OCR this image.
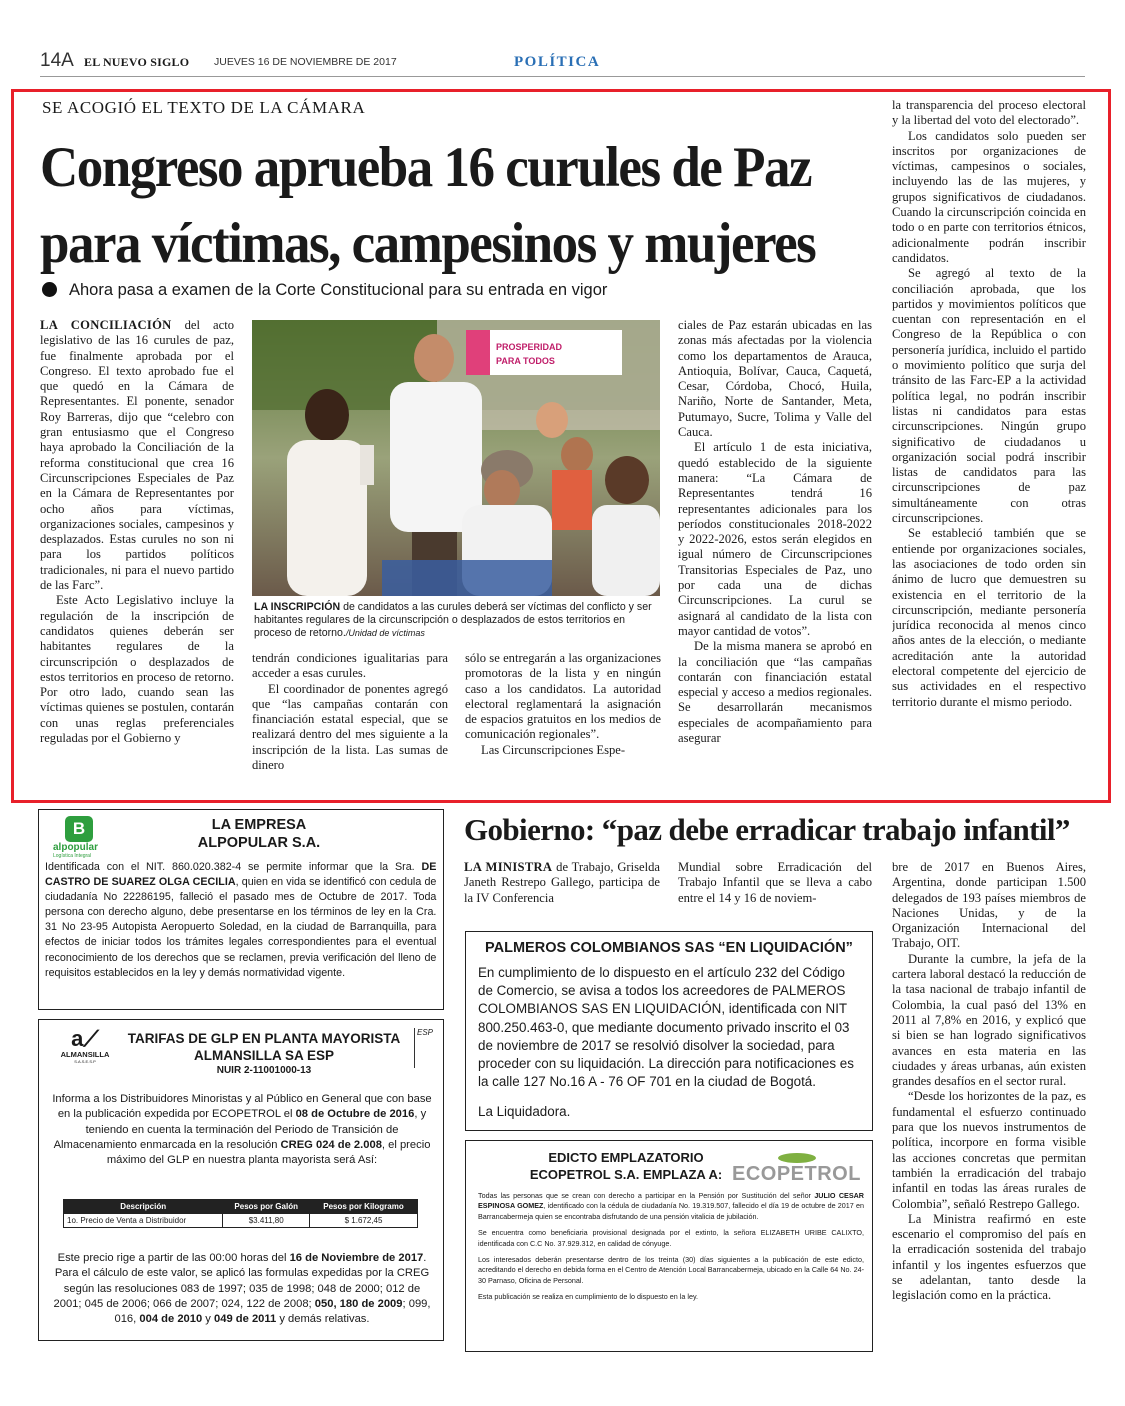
14A EL NUEVO SIGLO JUEVES 16 DE NOVIEMBRE DE 2017	POLÍTICA
SE ACOGIÓ EL TEXTO DE LA CÁMARA
Congreso aprueba 16 curules de Paz
para víctimas, campesinos y mujeres
Ahora pasa a examen de la Corte Constitucional para su entrada en vigor

LA CONCILIACIÓN del acto legislativo de las 16 curules de paz, fue finalmente aprobada por el Congreso. El texto aprobado fue el que quedó en la Cámara de Representantes. El ponente, senador Roy Barreras, dijo que “celebro con gran entusiasmo que el Congreso haya aprobado la Conciliación de la reforma constitucional que crea 16 Circunscripciones Especiales de Paz en la Cámara de Representantes por ocho años para víctimas, organizaciones sociales, campesinos y desplazados. Estas curules no son ni para los partidos políticos tradicionales, ni para el nuevo partido de las Farc”.

Este Acto Legislativo incluye la regulación de la inscripción de candidatos quienes deberán ser habitantes regulares de la circunscripción o desplazados de estos territorios en proceso de retorno. Por otro lado, cuando sean las víctimas quienes se postulen, contarán con unas reglas preferenciales reguladas por el Gobierno y

PROSPERIDAD
PARA TODOS
LA INSCRIPCIÓN de candidatos a las curules deberá ser víctimas del conflicto y ser habitantes regulares de la circunscripción o desplazados de estos territorios en proceso de retorno./Unidad de víctimas

tendrán condiciones igualitarias para acceder a esas curules.

El coordinador de ponentes agregó que “las campañas contarán con financiación estatal especial, que se realizará dentro del mes siguiente a la inscripción de la lista. Las sumas de dinero

sólo se entregarán a las organizaciones promotoras de la lista y en ningún caso a los candidatos. La autoridad electoral reglamentará la asignación de espacios gratuitos en los medios de comunicación regionales”.

Las Circunscripciones Espe-

ciales de Paz estarán ubicadas en las zonas más afectadas por la violencia como los departamentos de Arauca, Antioquia, Bolívar, Cauca, Caquetá, Cesar, Córdoba, Chocó, Huila, Nariño, Norte de Santander, Meta, Putumayo, Sucre, Tolima y Valle del Cauca.

El artículo 1 de esta iniciativa, quedó establecido de la siguiente manera: “La Cámara de Representantes tendrá 16 representantes adicionales para los períodos constitucionales 2018-2022 y 2022-2026, estos serán elegidos en igual número de Circunscripciones Transitorias Especiales de Paz, uno por cada una de dichas Circunscripciones. La curul se asignará al candidato de la lista con mayor cantidad de votos”.

De la misma manera se aprobó en la conciliación que “las campañas contarán con financiación estatal especial y acceso a medios regionales. Se desarrollarán mecanismos especiales de acompañamiento para asegurar

la transparencia del proceso electoral y la libertad del voto del electorado”.

Los candidatos solo pueden ser inscritos por organizaciones de víctimas, campesinos o sociales, incluyendo las de las mujeres, y grupos significativos de ciudadanos. Cuando la circunscripción coincida en todo o en parte con territorios étnicos, adicionalmente podrán inscribir candidatos.

Se agregó al texto de la conciliación aprobada, que los partidos y movimientos políticos que cuentan con representación en el Congreso de la República o con personería jurídica, incluido el partido o movimiento político que surja del tránsito de las Farc-EP a la actividad política legal, no podrán inscribir listas ni candidatos para estas circunscripciones. Ningún grupo significativo de ciudadanos u organización social podrá inscribir listas de candidatos para las circunscripciones de paz simultáneamente con otras circunscripciones.

Se estableció también que se entiende por organizaciones sociales, las asociaciones de todo orden sin ánimo de lucro que demuestren su existencia en el territorio de la circunscripción, mediante personería jurídica reconocida al menos cinco años antes de la elección, o mediante acreditación ante la autoridad electoral competente del ejercicio de sus actividades en el respectivo territorio durante el mismo periodo.

B
alpopular
Logística Integral
LA EMPRESA
ALPOPULAR S.A.
Identificada con el NIT. 860.020.382-4 se permite informar que la Sra. DE CASTRO DE SUAREZ OLGA CECILIA, quien en vida se identificó con cedula de ciudadanía No 22286195, falleció el pasado mes de Octubre de 2017. Toda persona con derecho alguno, debe presentarse en los términos de ley en la Cra. 31 No 23-95 Autopista Aeropuerto Soledad, en la ciudad de Barranquilla, para efectos de iniciar todos los trámites legales correspondientes para el eventual reconocimiento de los derechos que se reclamen, previa verificación del lleno de requisitos establecidos en la ley y demás normatividad vigente.
a⟋
ALMANSILLA
S.A.S.E.S.P
ESP
TARIFAS DE GLP EN PLANTA MAYORISTA
ALMANSILLA SA ESP
NUIR 2-11001000-13
Informa a los Distribuidores Minoristas y al Público en General que con base en la publicación expedida por ECOPETROL el 08 de Octubre de 2016, y teniendo en cuenta la terminación del Periodo de Transición de Almacenamiento enmarcada en la resolución CREG 024 de 2.008, el precio máximo del GLP en nuestra planta mayorista será Así:
Descripción	Pesos por Galón	Pesos por Kilogramo
1o. Precio de Venta a Distribuidor	$3.411,80	$ 1.672,45
Este precio rige a partir de las 00:00 horas del 16 de Noviembre de 2017. Para el cálculo de este valor, se aplicó las formulas expedidas por la CREG según las resoluciones 083 de 1997; 035 de 1998; 048 de 2000; 012 de 2001; 045 de 2006; 066 de 2007; 024, 122 de 2008; 050, 180 de 2009; 099, 016, 004 de 2010 y 049 de 2011 y demás relativas.
Gobierno: “paz debe erradicar trabajo infantil”

LA MINISTRA de Trabajo, Griselda Janeth Restrepo Gallego, participa de la IV Conferencia

Mundial sobre Erradicación del Trabajo Infantil que se lleva a cabo entre el 14 y 16 de noviem-

bre de 2017 en Buenos Aires, Argentina, donde participan 1.500 delegados de 193 países miembros de Naciones Unidas, y de la Organización Internacional del Trabajo, OIT.

Durante la cumbre, la jefa de la cartera laboral destacó la reducción de la tasa nacional de trabajo infantil de Colombia, la cual pasó del 13% en 2011 al 7,8% en 2016, y explicó que si bien se han logrado significativos avances en esta materia en las ciudades y áreas urbanas, aún existen grandes desafíos en el sector rural.

“Desde los horizontes de la paz, es fundamental el esfuerzo continuado para que los nuevos instrumentos de política, incorpore en forma visible las acciones concretas que permitan también la erradicación del trabajo infantil en todas las áreas rurales de Colombia”, señaló Restrepo Gallego.

La Ministra reafirmó en este escenario el compromiso del país en la erradicación sostenida del trabajo infantil y los ingentes esfuerzos que se adelantan, tanto desde la legislación como en la práctica.

PALMEROS COLOMBIANOS SAS “EN LIQUIDACIÓN”
En cumplimiento de lo dispuesto en el artículo 232 del Código de Comercio, se avisa a todos los acreedores de PALMEROS COLOMBIANOS SAS EN LIQUIDACIÓN, identificada con NIT 800.250.463-0, que mediante documento privado inscrito el 03 de noviembre de 2017 se resolvió disolver la sociedad, para proceder con su liquidación. La dirección para notificaciones es la calle 127 No.16 A - 76 OF 701 en la ciudad de Bogotá.
La Liquidadora.
EDICTO EMPLAZATORIO
ECOPETROL S.A. EMPLAZA A: ECOPETROL

Todas las personas que se crean con derecho a participar en la Pensión por Sustitución del señor JULIO CESAR ESPINOSA GOMEZ, identificado con la cédula de ciudadanía No. 19.319.507, fallecido el día 19 de octubre de 2017 en Barrancabermeja quien se encontraba disfrutando de una pensión vitalicia de jubilación.

Se encuentra como beneficiaria provisional designada por el extinto, la señora ELIZABETH URIBE CALIXTO, identificada con C.C No. 37.929.312, en calidad de cónyuge.

Los interesados deberán presentarse dentro de los treinta (30) días siguientes a la publicación de este edicto, acreditando el derecho en debida forma en el Centro de Atención Local Barrancabermeja, ubicado en la Calle 64 No. 24-30 Parnaso, Oficina de Personal.

Esta publicación se realiza en cumplimiento de lo dispuesto en la ley.
